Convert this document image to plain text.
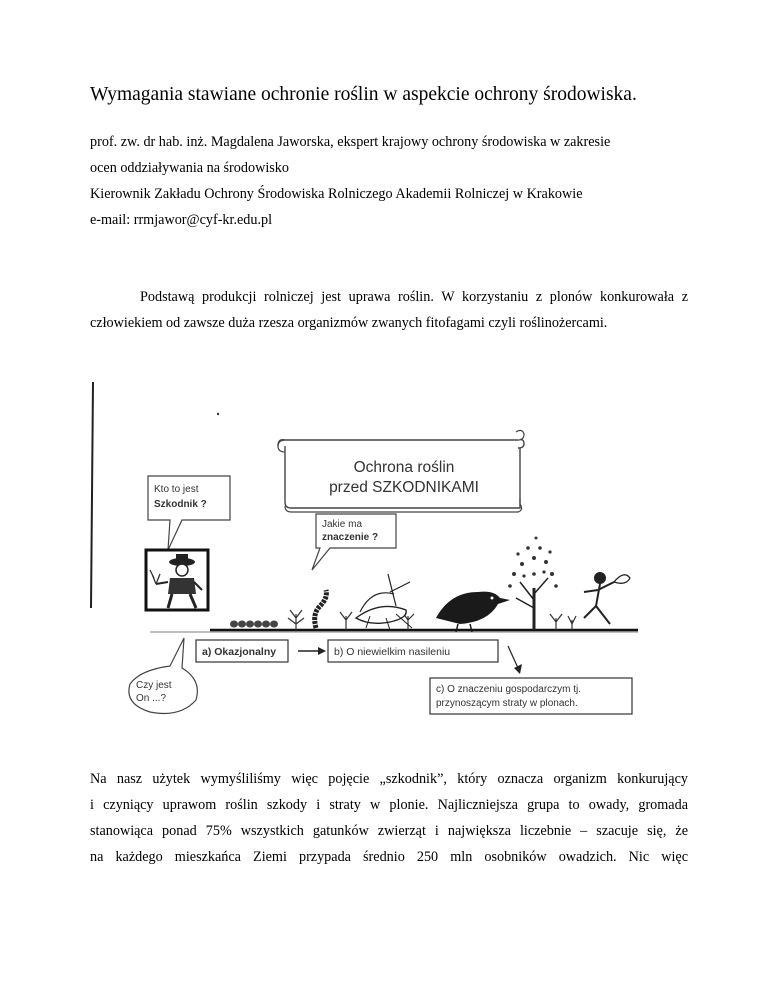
Wymagania stawiane ochronie roślin w aspekcie ochrony środowiska.
prof. zw. dr hab. inż. Magdalena Jaworska, ekspert krajowy ochrony środowiska w zakresie
ocen oddziaływania na środowisko
Kierownik Zakładu Ochrony Środowiska Rolniczego Akademii Rolniczej w Krakowie
e-mail: rrmjawor@cyf-kr.edu.pl
Podstawą produkcji rolniczej jest uprawa roślin. W korzystaniu z plonów konkurowała z człowiekiem od zawsze duża rzesza organizmów zwanych fitofagami czyli roślinożercami.
Ochrona roślin
przed SZKODNIKAMI
Kto to jest
Szkodnik ?
Jakie ma
znaczenie ?
a) Okazjonalny	b) O niewielkim nasileniu
Czy jest
On ...?
c) O znaczeniu gospodarczym tj.
przynoszącym straty w plonach.
Na nasz użytek wymyśliliśmy więc pojęcie „szkodnik”, który oznacza organizm konkurujący
i czyniący uprawom roślin szkody i straty w plonie. Najliczniejsza grupa to owady, gromada
stanowiąca ponad 75% wszystkich gatunków zwierząt i największa liczebnie – szacuje się, że
na każdego mieszkańca Ziemi przypada średnio 250 mln osobników owadzich. Nic więc
